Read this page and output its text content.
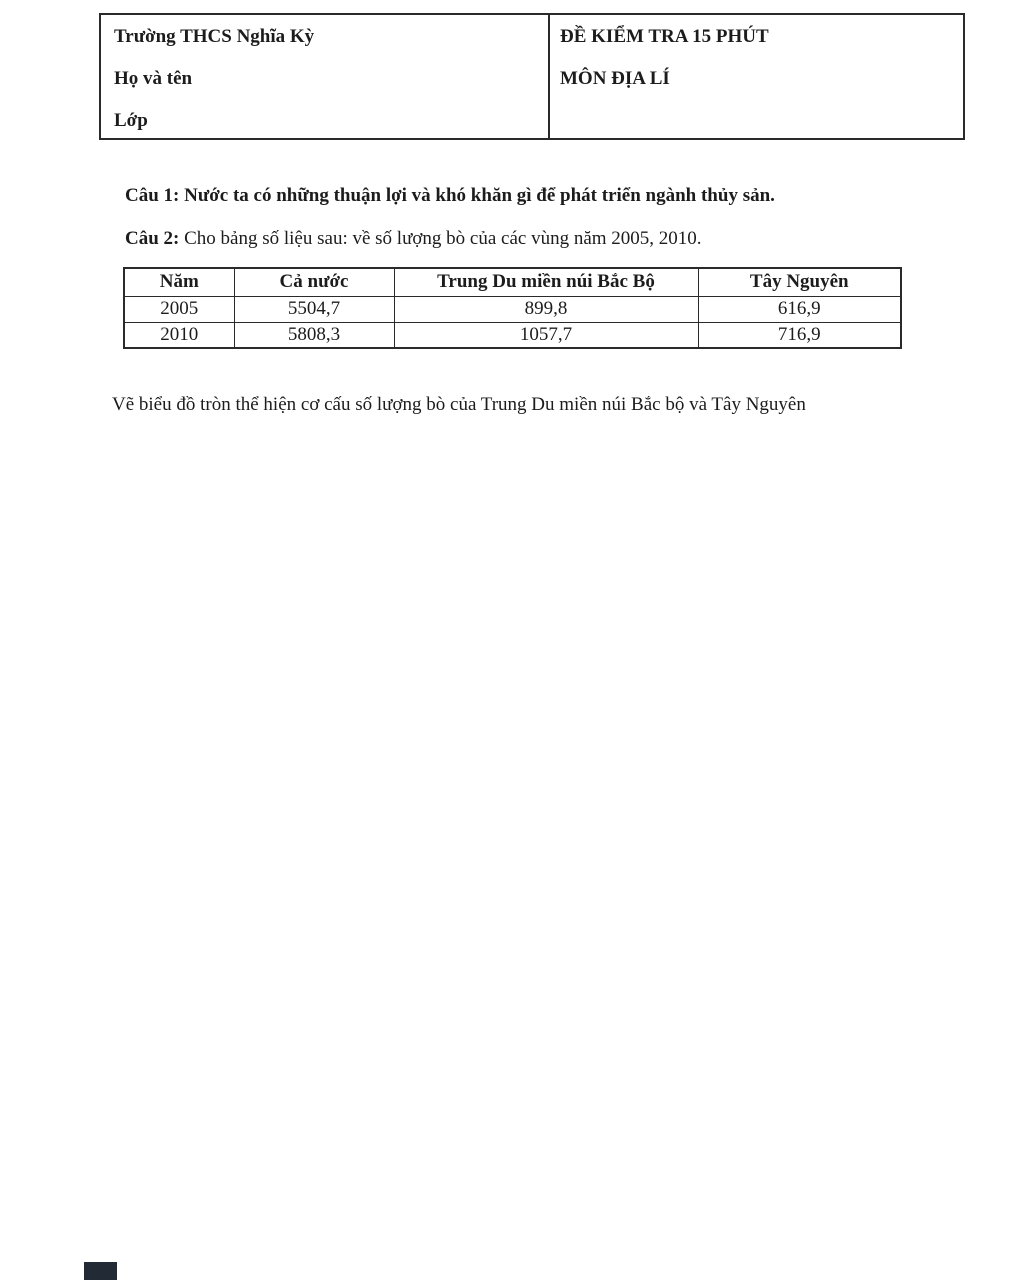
Trường THCS Nghĩa Kỳ

Họ và tên

Lớp

ĐỀ KIỂM TRA 15 PHÚT

MÔN ĐỊA LÍ

Câu 1: Nước ta có những thuận lợi và khó khăn gì để phát triển ngành thủy sản.

Câu 2: Cho bảng số liệu sau: về số lượng bò của các vùng năm 2005, 2010.

Năm	Cả nước	Trung Du miền núi Bắc Bộ	Tây Nguyên
2005	5504,7	899,8	616,9
2010	5808,3	1057,7	716,9

Vẽ biểu đồ tròn thể hiện cơ cấu số lượng bò của Trung Du miền núi Bắc bộ và Tây Nguyên
